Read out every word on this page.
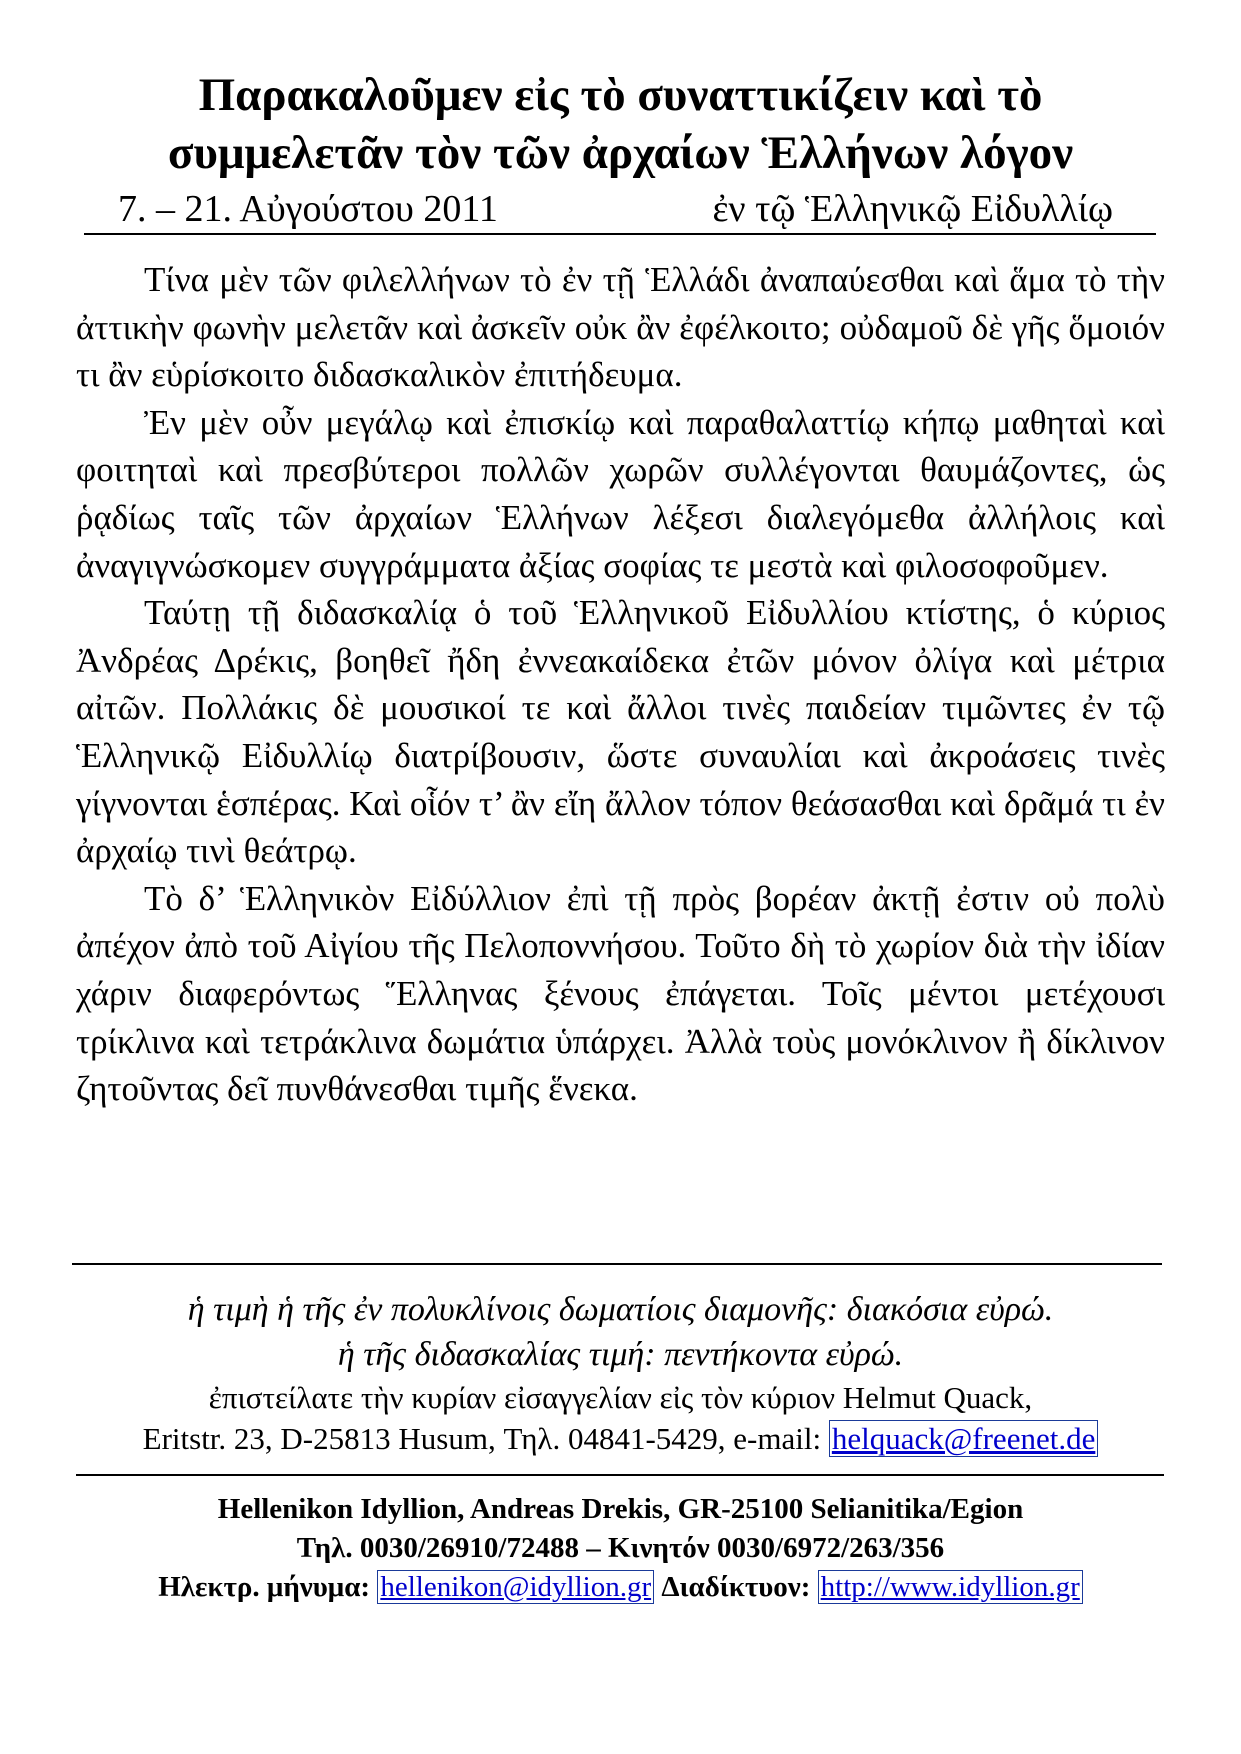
Παρακαλοῦμεν εἰς τὸ συναττικίζειν καὶ τὸ
συμμελετᾶν τὸν τῶν ἀρχαίων Ἑλλήνων λόγον
7. – 21. Αὐγούστου 2011	ἐν τῷ Ἑλληνικῷ Εἰδυλλίῳ

Τίνα μὲν τῶν φιλελλήνων τὸ ἐν τῇ Ἑλλάδι ἀναπαύεσθαι καὶ ἅμα τὸ τὴν ἀττικὴν φωνὴν μελετᾶν καὶ ἀσκεῖν οὐκ ἂν ἐφέλκοιτο; οὐδαμοῦ δὲ γῆς ὅμοιόν τι ἂν εὑρίσκοιτο διδασκαλικὸν ἐπιτήδευμα.

Ἐν μὲν οὖν μεγάλῳ καὶ ἐπισκίῳ καὶ παραθαλαττίῳ κήπῳ μαθηταὶ καὶ φοιτηταὶ καὶ πρεσβύτεροι πολλῶν χωρῶν συλλέγονται θαυμάζοντες, ὡς ῥᾳδίως ταῖς τῶν ἀρχαίων Ἑλλήνων λέξεσι διαλεγόμεθα ἀλλήλοις καὶ ἀναγιγνώσκομεν συγγράμματα ἀξίας σοφίας τε μεστὰ καὶ φιλοσοφοῦμεν.

Ταύτῃ τῇ διδασκαλίᾳ ὁ τοῦ Ἑλληνικοῦ Εἰδυλλίου κτίστης, ὁ κύριος Ἀνδρέας Δρέκις, βοηθεῖ ἤδη ἐννεακαίδεκα ἐτῶν μόνον ὀλίγα καὶ μέτρια αἰτῶν. Πολλάκις δὲ μουσικοί τε καὶ ἄλλοι τινὲς παιδείαν τιμῶντες ἐν τῷ Ἑλληνικῷ Εἰδυλλίῳ διατρίβουσιν, ὥστε συναυλίαι καὶ ἀκροάσεις τινὲς γίγνονται ἑσπέρας. Καὶ οἷόν τ’ ἂν εἴη ἄλλον τόπον θεάσασθαι καὶ δρᾶμά τι ἐν ἀρχαίῳ τινὶ θεάτρῳ.

Τὸ δ’ Ἑλληνικὸν Εἰδύλλιον ἐπὶ τῇ πρὸς βορέαν ἀκτῇ ἐστιν οὐ πολὺ ἀπέχον ἀπὸ τοῦ Αἰγίου τῆς Πελοποννήσου. Τοῦτο δὴ τὸ χωρίον διὰ τὴν ἰδίαν χάριν διαφερόντως Ἕλληνας ξένους ἐπάγεται. Τοῖς μέντοι μετέχουσι τρίκλινα καὶ τετράκλινα δωμάτια ὑπάρχει. Ἀλλὰ τοὺς μονόκλινον ἢ δίκλινον ζητοῦντας δεῖ πυνθάνεσθαι τιμῆς ἕνεκα.

ἡ τιμὴ ἡ τῆς ἐν πολυκλίνοις δωματίοις διαμονῆς: διακόσια εὐρώ.
ἡ τῆς διδασκαλίας τιμή: πεντήκοντα εὐρώ.
ἐπιστείλατε τὴν κυρίαν εἰσαγγελίαν εἰς τὸν κύριον Helmut Quack,
Eritstr. 23, D-25813 Husum, Τηλ. 04841-5429, e-mail: helquack@freenet.de
Hellenikon Idyllion, Andreas Drekis, GR-25100 Selianitika/Egion
Τηλ. 0030/26910/72488 – Κινητόν 0030/6972/263/356
Ηλεκτρ. μήνυμα: hellenikon@idyllion.gr Διαδίκτυον: http://www.idyllion.gr
